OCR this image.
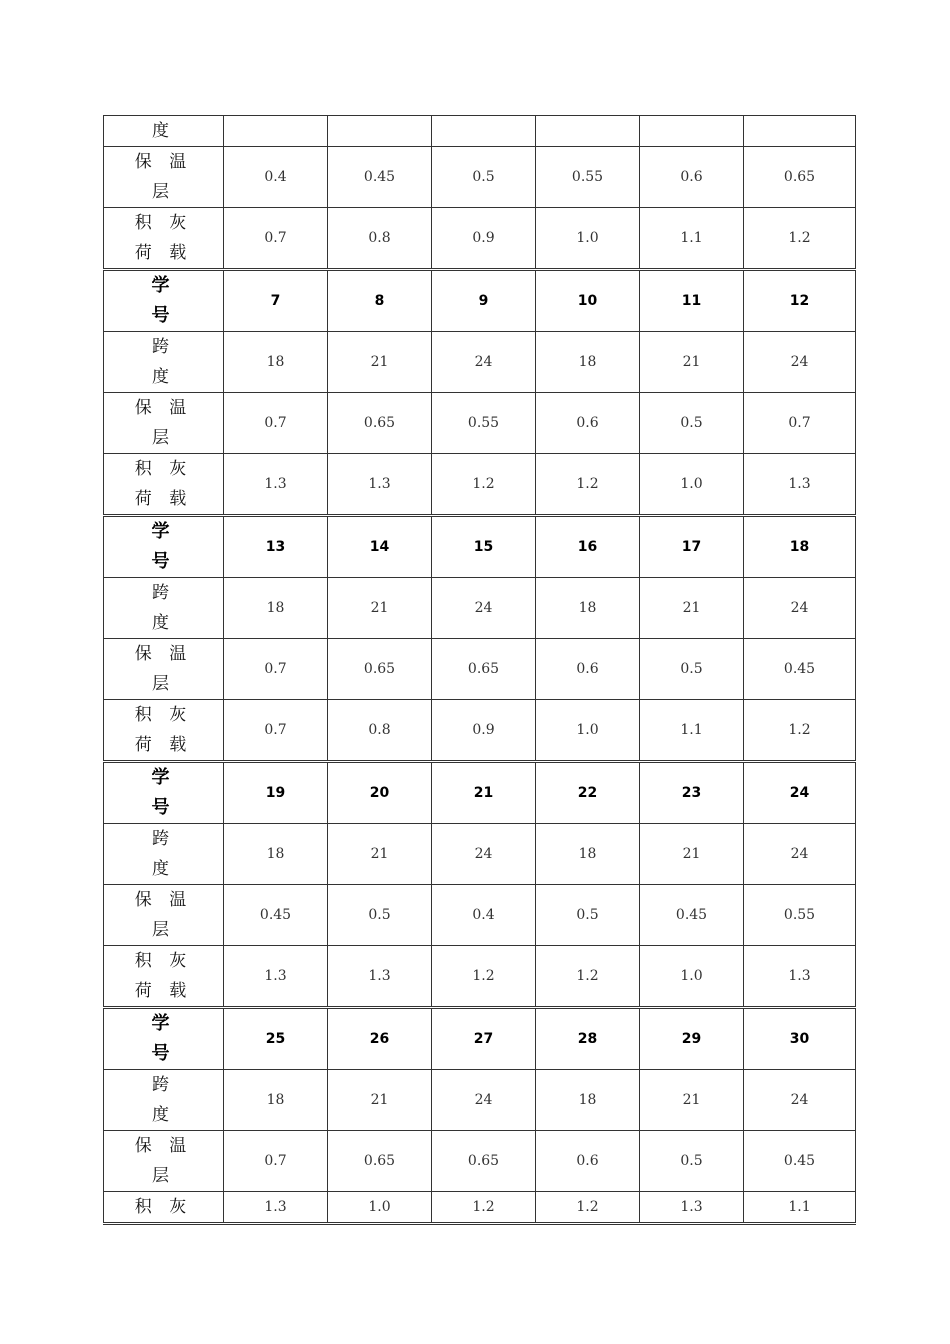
度						

保 温
层	0.4	0.45	0.5	0.55	0.6	0.65

积 灰
荷 载	0.7	0.8	0.9	1.0	1.1	1.2

学
号	7	8	9	10	11	12

跨
度	18	21	24	18	21	24

保 温
层	0.7	0.65	0.55	0.6	0.5	0.7

积 灰
荷 载	1.3	1.3	1.2	1.2	1.0	1.3

学
号	13	14	15	16	17	18

跨
度	18	21	24	18	21	24

保 温
层	0.7	0.65	0.65	0.6	0.5	0.45

积 灰
荷 载	0.7	0.8	0.9	1.0	1.1	1.2

学
号	19	20	21	22	23	24

跨
度	18	21	24	18	21	24

保 温
层	0.45	0.5	0.4	0.5	0.45	0.55

积 灰
荷 载	1.3	1.3	1.2	1.2	1.0	1.3

学
号	25	26	27	28	29	30

跨
度	18	21	24	18	21	24

保 温
层	0.7	0.65	0.65	0.6	0.5	0.45
积 灰	1.3	1.0	1.2	1.2	1.3	1.1
